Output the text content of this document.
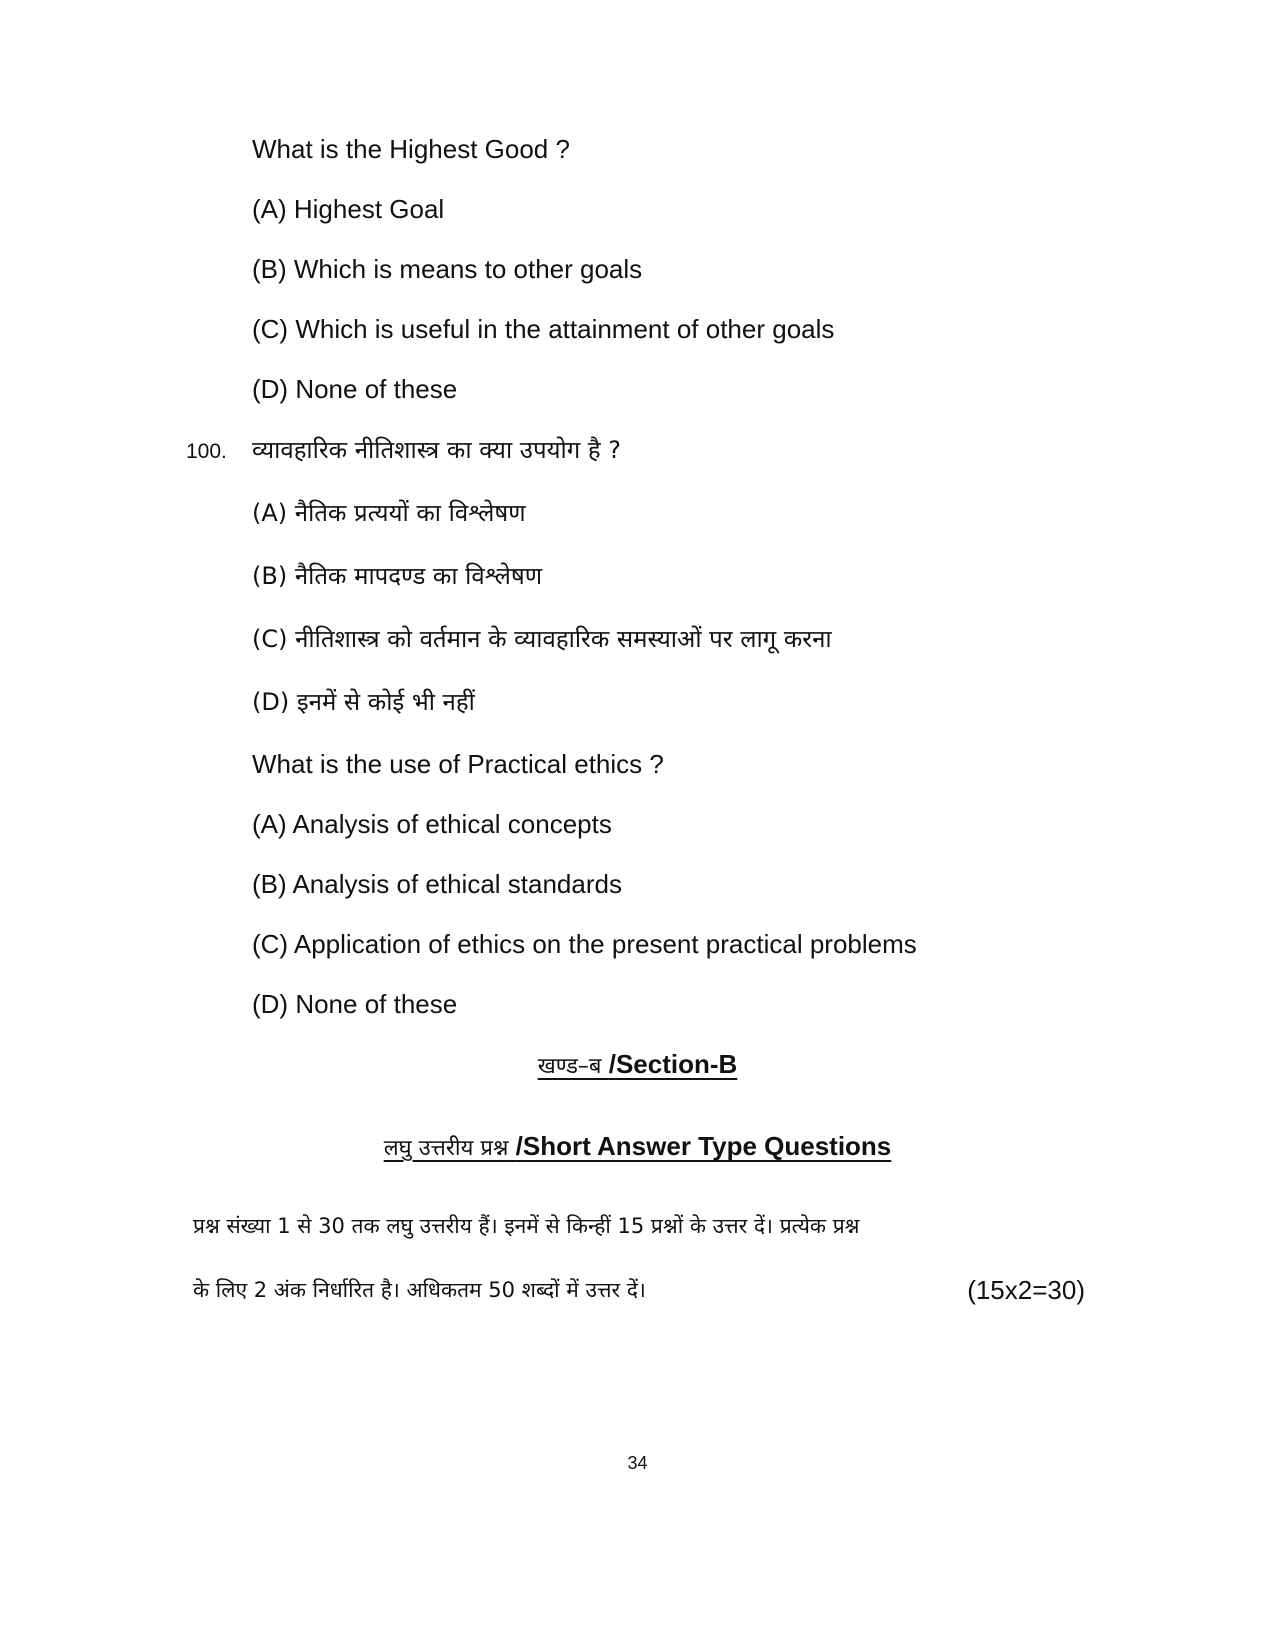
What is the Highest Good ?
(A) Highest Goal
(B) Which is means to other goals
(C) Which is useful in the attainment of other goals
(D) None of these
100. व्यावहारिक नीतिशास्त्र का क्या उपयोग है ?
(A) नैतिक प्रत्ययों का विश्लेषण
(B) नैतिक मापदण्ड का विश्लेषण
(C) नीतिशास्त्र को वर्तमान के व्यावहारिक समस्याओं पर लागू करना
(D) इनमें से कोई भी नहीं
What is the use of Practical ethics ?
(A) Analysis of ethical concepts
(B) Analysis of ethical standards
(C) Application of ethics on the present practical problems
(D) None of these
खण्ड–ब /Section-B
लघु उत्तरीय प्रश्न /Short Answer Type Questions
प्रश्न संख्या 1 से 30 तक लघु उत्तरीय हैं। इनमें से किन्हीं 15 प्रश्नों के उत्तर दें। प्रत्येक प्रश्न
के लिए 2 अंक निर्धारित है। अधिकतम 50 शब्दों में उत्तर दें।	(15x2=30)
34
